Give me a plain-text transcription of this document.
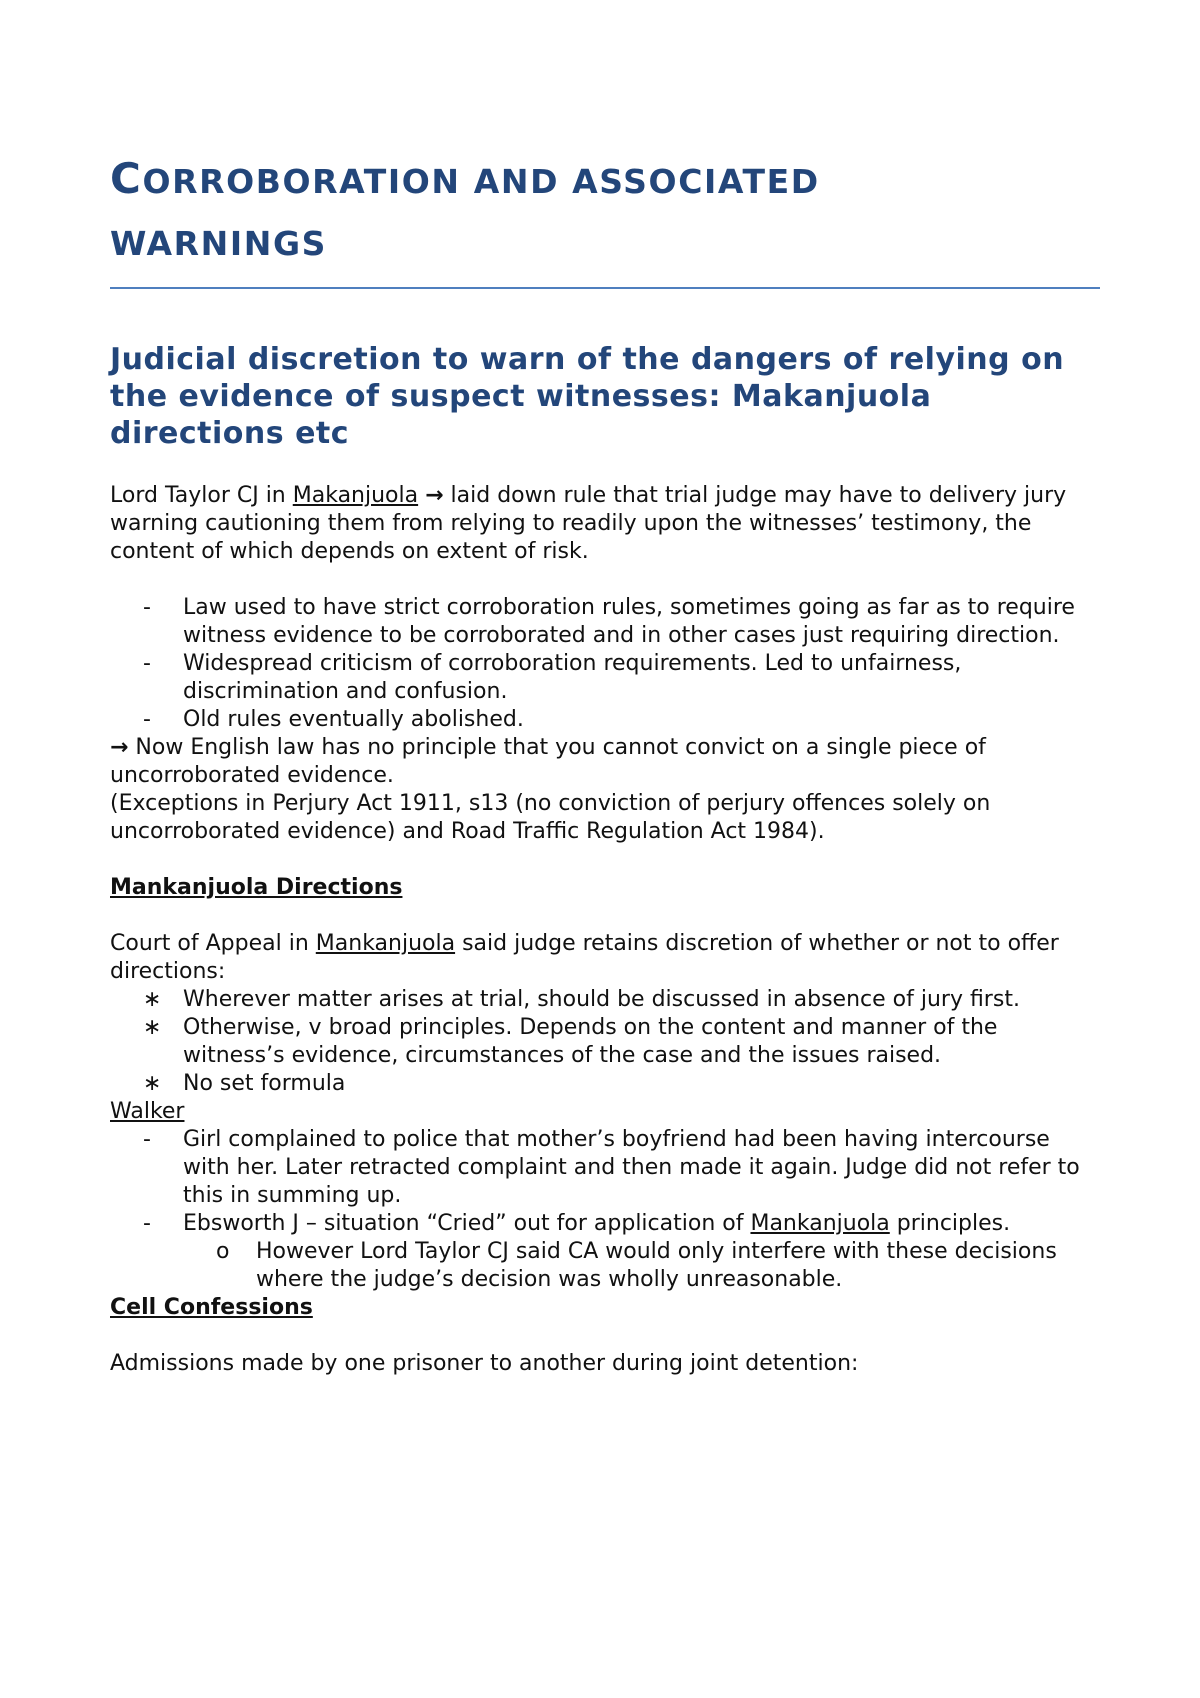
CORROBORATION AND ASSOCIATED
WARNINGS
Judicial discretion to warn of the dangers of relying on the evidence of suspect witnesses: Makanjuola directions etc

Lord Taylor CJ in Makanjuola → laid down rule that trial judge may have to delivery jury warning cautioning them from relying to readily upon the witnesses’ testimony, the content of which depends on extent of risk.

-	Law used to have strict corroboration rules, sometimes going as far as to require witness evidence to be corroborated and in other cases just requiring direction.
-	Widespread criticism of corroboration requirements. Led to unfairness, discrimination and confusion.
-	Old rules eventually abolished.

→ Now English law has no principle that you cannot convict on a single piece of uncorroborated evidence.

(Exceptions in Perjury Act 1911, s13 (no conviction of perjury offences solely on uncorroborated evidence) and Road Traffic Regulation Act 1984).

Mankanjuola Directions

Court of Appeal in Mankanjuola said judge retains discretion of whether or not to offer directions:

∗ Wherever matter arises at trial, should be discussed in absence of jury first.
∗ Otherwise, v broad principles. Depends on the content and manner of the witness’s evidence, circumstances of the case and the issues raised.
∗ No set formula

Walker

-	Girl complained to police that mother’s boyfriend had been having intercourse with her. Later retracted complaint and then made it again. Judge did not refer to this in summing up.
-	Ebsworth J – situation “Cried” out for application of Mankanjuola principles.
o However Lord Taylor CJ said CA would only interfere with these decisions where the judge’s decision was wholly unreasonable.

Cell Confessions

Admissions made by one prisoner to another during joint detention:
